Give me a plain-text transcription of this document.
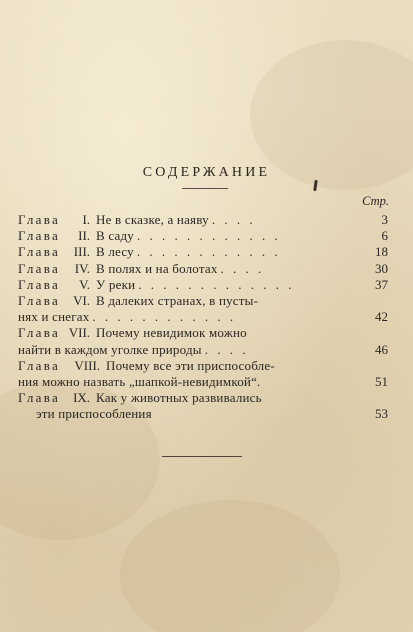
СОДЕРЖАНИЕ
Стр.
Глава	I. Не в сказке, а наяву . . . .	3
Глава	II. В саду . . . . . . . . . . . .	6
Глава	III. В лесу . . . . . . . . . . . .	18
Глава	IV. В полях и на болотах . . . .	30
Глава	V. У реки . . . . . . . . . . . . .	37
Глава	VI. В далеких странах, в пусты-
нях и снегах . . . . . . . . . . . .	42
Глава VII. Почему невидимок можно
найти в каждом уголке природы . . . .	46
Глава	VIII. Почему все эти приспособле-
ния можно назвать „шапкой-невидимкой“.	51
Глава	IX. Как у животных развивались
эти приспособления	53
